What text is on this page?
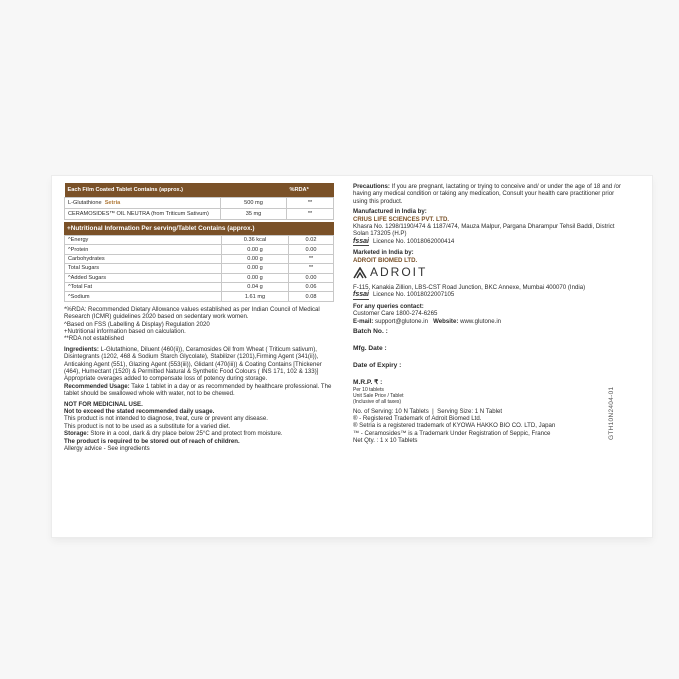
Each Film Coated Tablet Contains (approx.)		%RDA*
L-Glutathione Setria	500 mg	**
CERAMOSIDES™ OIL NEUTRA (from Triticum Sativum)	35 mg	**
+Nutritional Information Per serving/Tablet Contains (approx.)
^Energy	0.36 kcal	0.02
^Protein	0.00 g	0.00
Carbohydrates	0.00 g	**
Total Sugars	0.00 g	**
^Added Sugars	0.00 g	0.00
^Total Fat	0.04 g	0.06
^Sodium	1.61 mg	0.08

*%RDA: Recommended Dietary Allowance values established as per Indian Council of Medical Research (ICMR) guidelines 2020 based on sedentary work women.

^Based on FSS (Labelling & Display) Regulation 2020

+Nutritional information based on calculation.

**RDA not established

Ingredients: L-Glutathione, Diluent (460(ii)), Ceramosides Oil from Wheat ( Triticum sativum), Disintegrants (1202, 468 & Sodium Starch Glycolate), Stabilizer (1201),Firming Agent (341(ii)), Anticaking Agent (551), Glazing Agent (553(iii)), Glidant (470(iii)) & Coating Contains [Thickener (464), Humectant (1520) & Permitted Natural & Synthetic Food Colours ( INS 171, 102 & 133)]

Appropriate overages added to compensate loss of potency during storage.

Recommended Usage: Take 1 tablet in a day or as recommended by healthcare professional. The tablet should be swallowed whole with water, not to be chewed.

NOT FOR MEDICINAL USE.

Not to exceed the stated recommended daily usage.

This product is not intended to diagnose, treat, cure or prevent any disease.

This product is not to be used as a substitute for a varied diet.

Storage: Store in a cool, dark & dry place below 25°C and protect from moisture.

The product is required to be stored out of reach of children.

Allergy advice - See ingredients

Precautions: If you are pregnant, lactating or trying to conceive and/ or under the age of 18 and /or having any medical condition or taking any medication, Consult your health care practitioner prior using this product.

Manufactured in India by:

CRIUS LIFE SCIENCES PVT. LTD.

Khasra No. 1298/1190/474 & 1187/474, Mauza Malpur, Pargana Dharampur Tehsil Baddi, District Solan 173205 (H.P)

fssai Licence No. 10018062000414

Marketed in India by:

ADROIT BIOMED LTD.

ADROIT

F-115, Kanakia Zillion, LBS-CST Road Junction, BKC Annexe, Mumbai 400070 (India)

fssai Licence No. 10018022007105

For any queries contact:

Customer Care 1800-274-6265

E-mail: support@glutone.in Website: www.glutone.in

Batch No. :
Mfg. Date :
Date of Expiry :
M.R.P. ₹ :
Per 10 tablets
Unit Sale Price / Tablet
(Inclusive of all taxes)

No. of Serving: 10 N Tablets  |  Serving Size: 1 N Tablet

® - Registered Trademark of Adroit Biomed Ltd.

® Setria is a registered trademark of KYOWA HAKKO BIO CO. LTD, Japan

™ - Ceramosides™ is a Trademark Under Registration of Seppic, France

Net Qty. : 1 x 10 Tablets

GTH10N2404-01
